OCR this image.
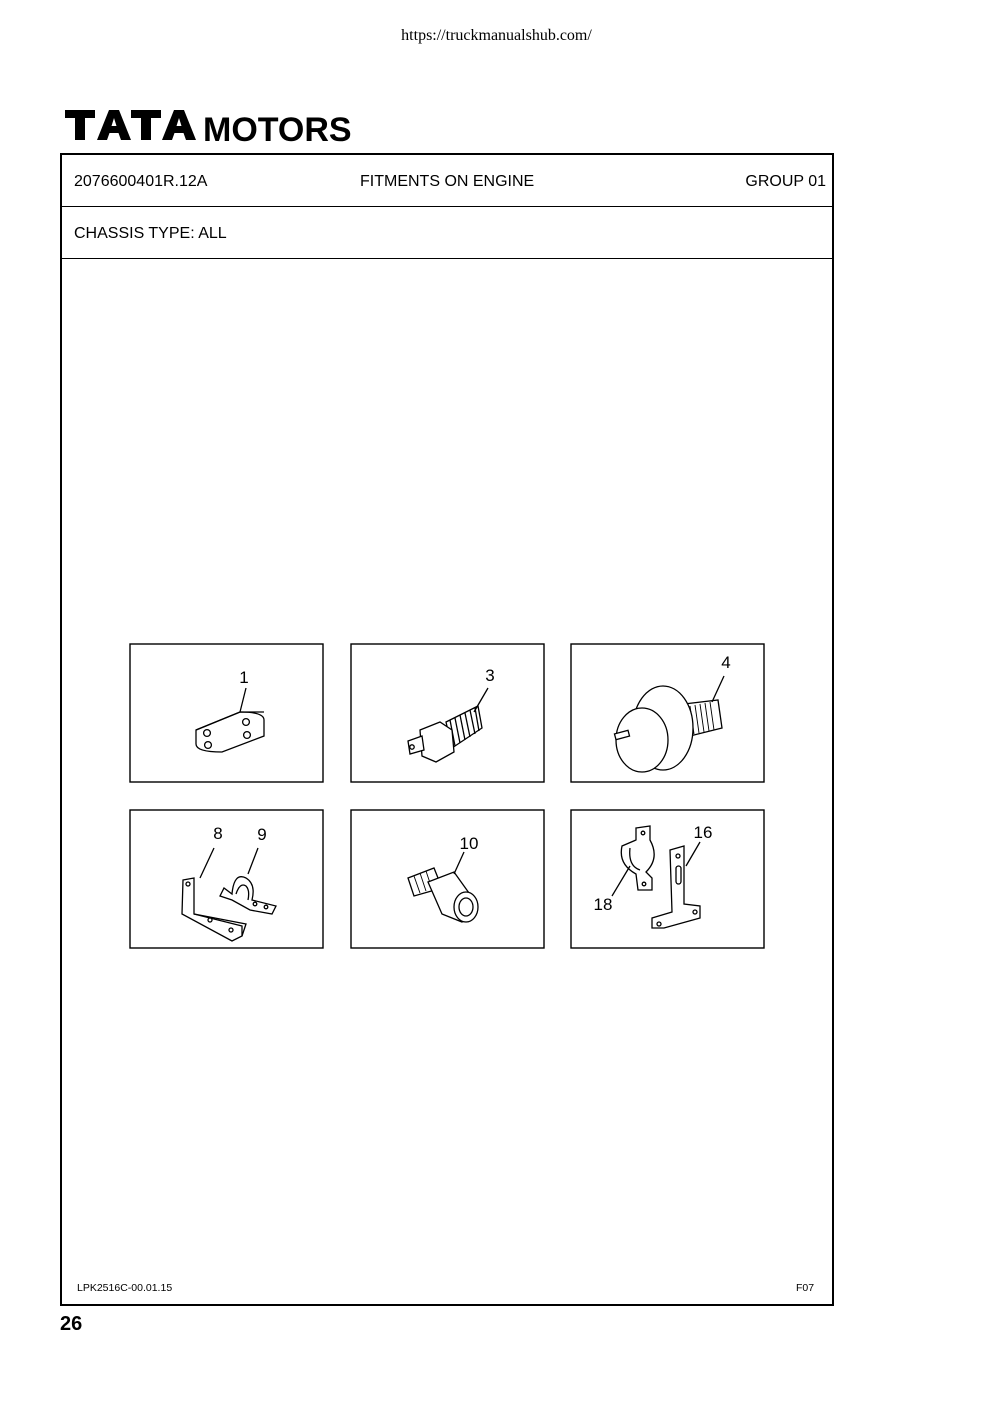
https://truckmanualshub.com/
MOTORS
2076600401R.12A	FITMENTS ON ENGINE	GROUP 01
CHASSIS TYPE: ALL
1	3
4
8 9	10
16
18
LPK2516C-00.01.15	F07
26
